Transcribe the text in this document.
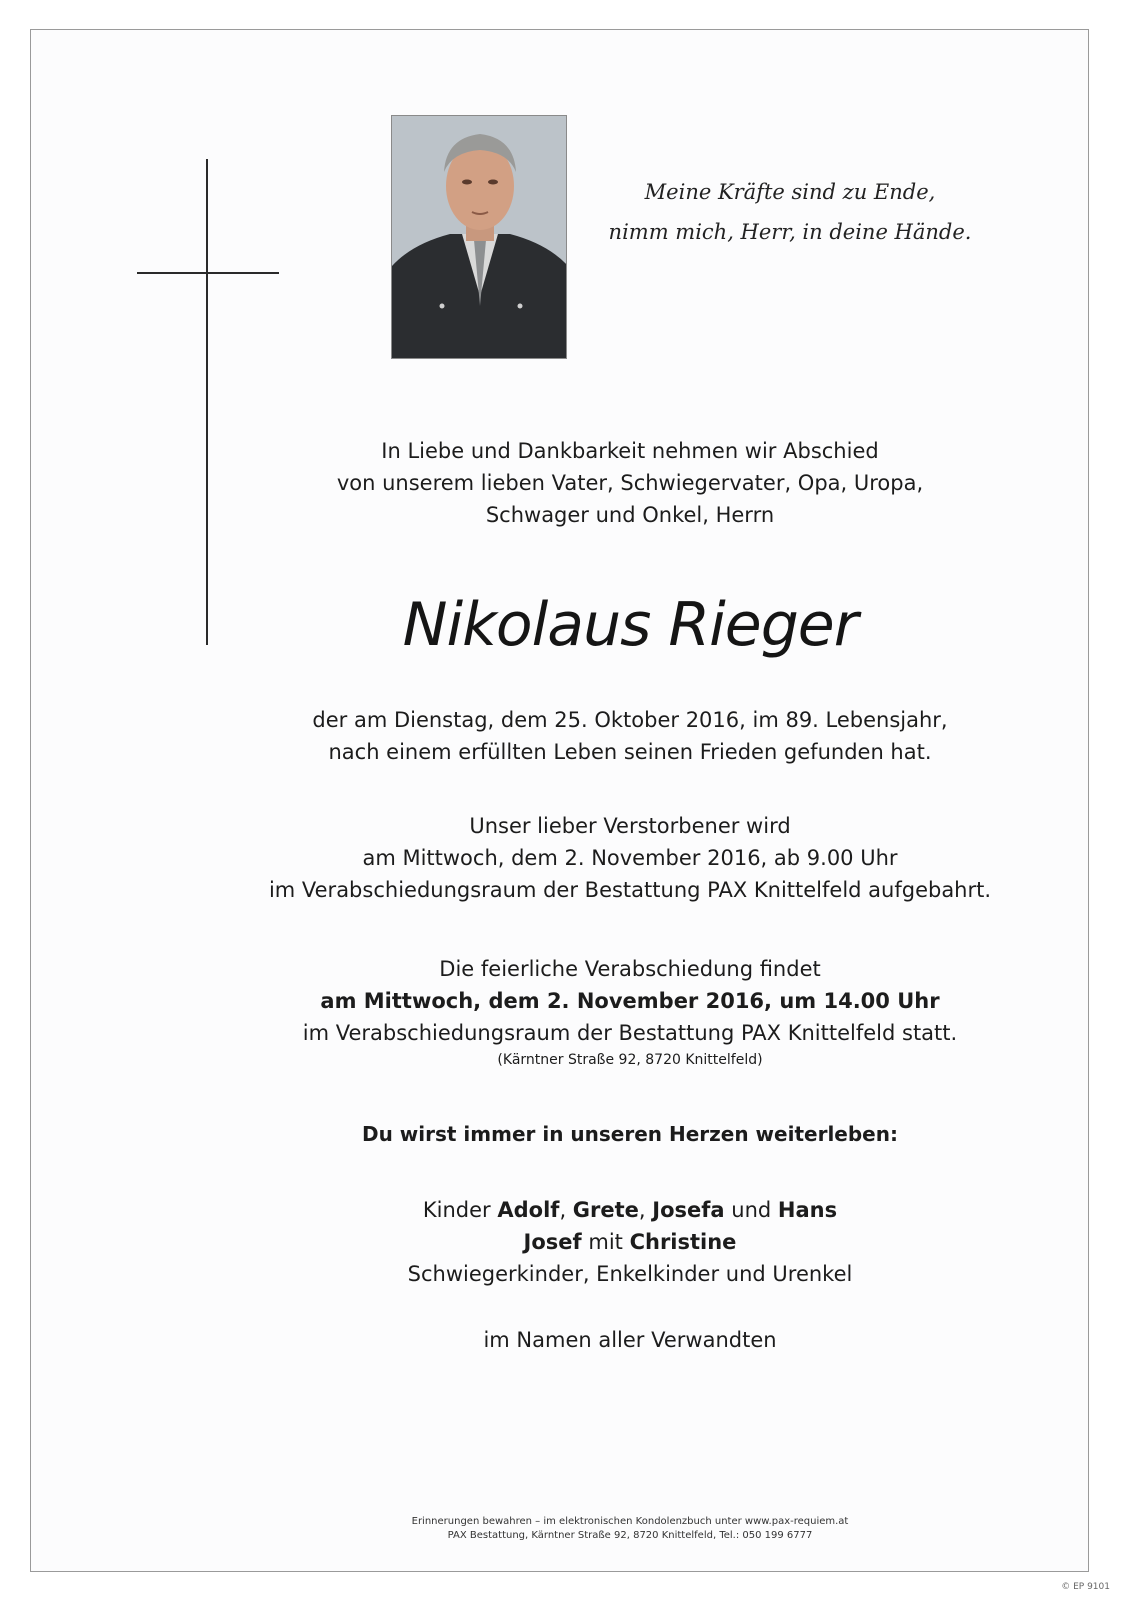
Meine Kräfte sind zu Ende,
nimm mich, Herr, in deine Hände.
In Liebe und Dankbarkeit nehmen wir Abschied
von unserem lieben Vater, Schwiegervater, Opa, Uropa,
Schwager und Onkel, Herrn
Nikolaus Rieger
der am Dienstag, dem 25. Oktober 2016, im 89. Lebensjahr,
nach einem erfüllten Leben seinen Frieden gefunden hat.
Unser lieber Verstorbener wird
am Mittwoch, dem 2. November 2016, ab 9.00 Uhr
im Verabschiedungsraum der Bestattung PAX Knittelfeld aufgebahrt.
Die feierliche Verabschiedung findet
am Mittwoch, dem 2. November 2016, um 14.00 Uhr
im Verabschiedungsraum der Bestattung PAX Knittelfeld statt.
(Kärntner Straße 92, 8720 Knittelfeld)
Du wirst immer in unseren Herzen weiterleben:
Kinder Adolf, Grete, Josefa und Hans
Josef mit Christine
Schwiegerkinder, Enkelkinder und Urenkel
im Namen aller Verwandten
Erinnerungen bewahren – im elektronischen Kondolenzbuch unter www.pax-requiem.at
PAX Bestattung, Kärntner Straße 92, 8720 Knittelfeld, Tel.: 050 199 6777
© EP 9101
